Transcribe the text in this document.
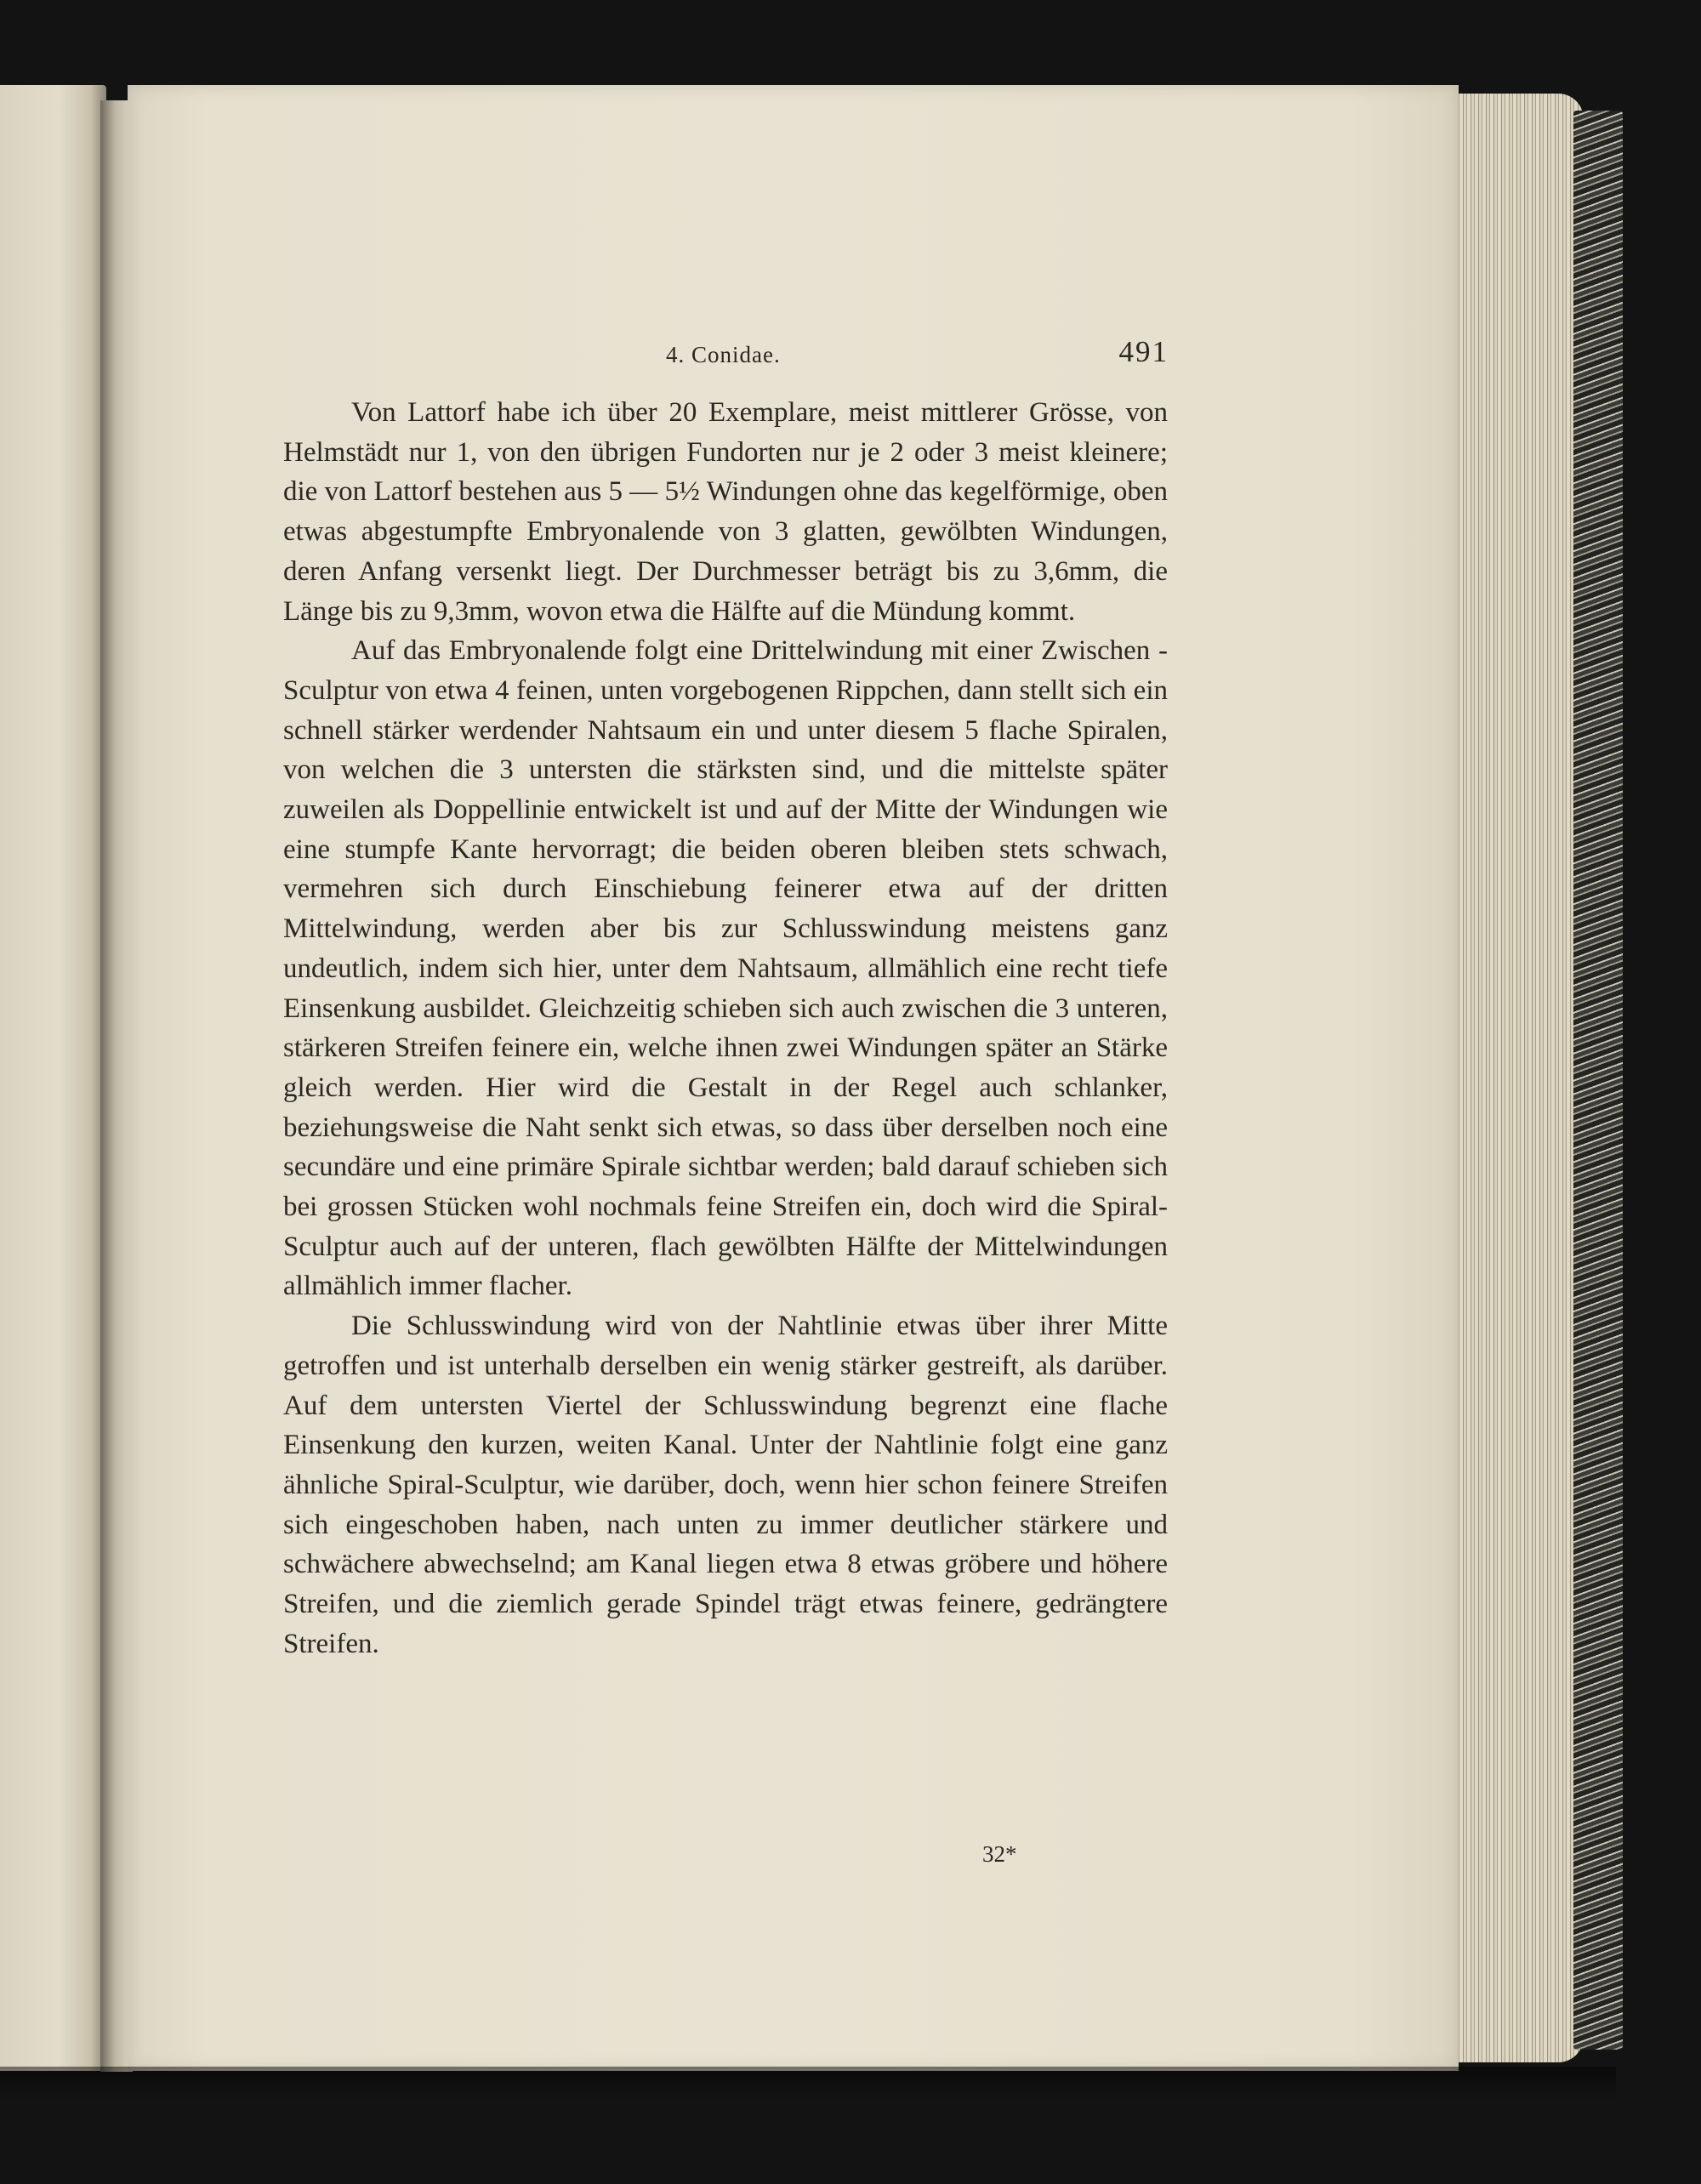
4. Conidae.	491

Von Lattorf habe ich über 20 Exemplare, meist mittlerer Grösse, von Helmstädt nur 1, von den übrigen Fundorten nur je 2 oder 3 meist kleinere; die von Lattorf bestehen aus 5 — 5½ Windungen ohne das kegelförmige, oben etwas abgestumpfte Embryonalende von 3 glatten, gewölbten Windungen, deren Anfang versenkt liegt. Der Durchmesser beträgt bis zu 3,6mm, die Länge bis zu 9,3mm, wovon etwa die Hälfte auf die Mündung kommt.

Auf das Embryonalende folgt eine Drittelwindung mit einer Zwischen - Sculptur von etwa 4 feinen, unten vorgebogenen Rippchen, dann stellt sich ein schnell stärker werdender Nahtsaum ein und unter diesem 5 flache Spiralen, von welchen die 3 untersten die stärksten sind, und die mittelste später zuweilen als Doppellinie entwickelt ist und auf der Mitte der Windungen wie eine stumpfe Kante hervorragt; die beiden oberen bleiben stets schwach, vermehren sich durch Einschiebung feinerer etwa auf der dritten Mittelwindung, werden aber bis zur Schlusswindung meistens ganz undeutlich, indem sich hier, unter dem Nahtsaum, allmählich eine recht tiefe Einsenkung ausbildet. Gleichzeitig schieben sich auch zwischen die 3 unteren, stärkeren Streifen feinere ein, welche ihnen zwei Windungen später an Stärke gleich werden. Hier wird die Gestalt in der Regel auch schlanker, beziehungsweise die Naht senkt sich etwas, so dass über derselben noch eine secundäre und eine primäre Spirale sichtbar werden; bald darauf schieben sich bei grossen Stücken wohl nochmals feine Streifen ein, doch wird die Spiral-Sculptur auch auf der unteren, flach gewölbten Hälfte der Mittelwindungen allmählich immer flacher.

Die Schlusswindung wird von der Nahtlinie etwas über ihrer Mitte getroffen und ist unterhalb derselben ein wenig stärker gestreift, als darüber. Auf dem untersten Viertel der Schlusswindung begrenzt eine flache Einsenkung den kurzen, weiten Kanal. Unter der Nahtlinie folgt eine ganz ähnliche Spiral-Sculptur, wie darüber, doch, wenn hier schon feinere Streifen sich eingeschoben haben, nach unten zu immer deutlicher stärkere und schwächere abwechselnd; am Kanal liegen etwa 8 etwas gröbere und höhere Streifen, und die ziemlich gerade Spindel trägt etwas feinere, gedrängtere Streifen.

32*
